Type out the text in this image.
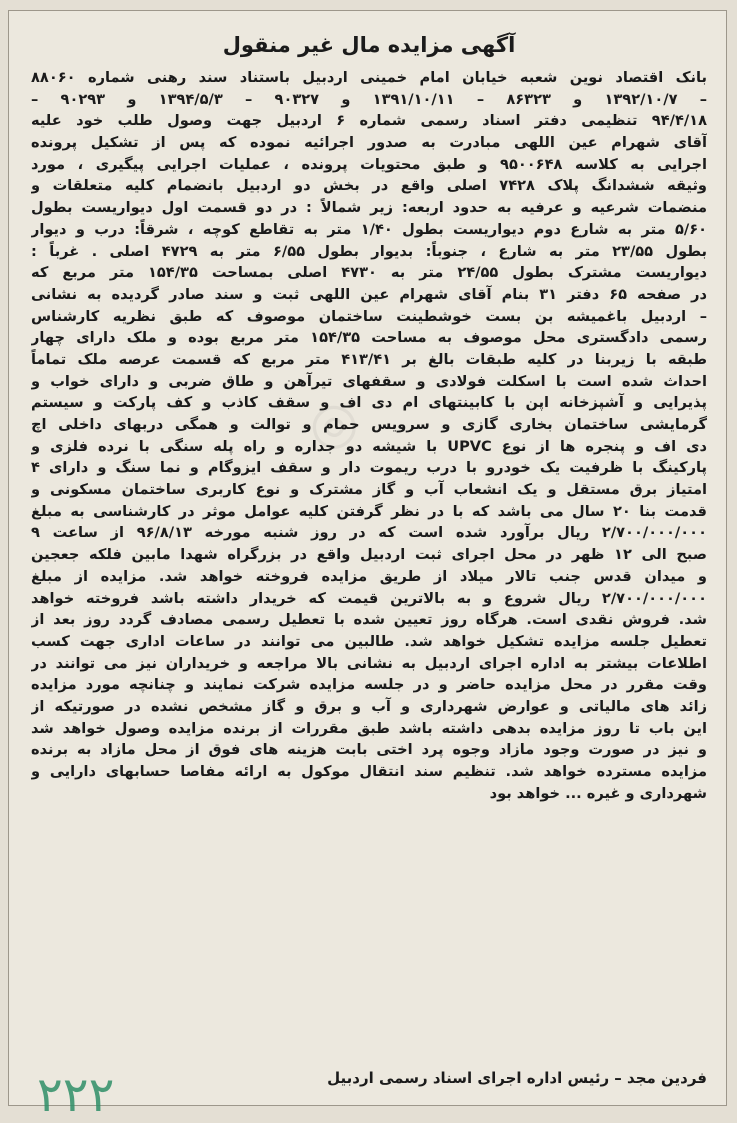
◎
آگهی مزایده مال غیر منقول
بانک اقتصاد نوین شعبه خیابان امام خمینی اردبیل باستناد سند رهنی شماره ۸۸۰۶۰
– ۱۳۹۲/۱۰/۷ و ۸۶۳۲۳ – ۱۳۹۱/۱۰/۱۱ و ۹۰۳۲۷ – ۱۳۹۴/۵/۳ و ۹۰۲۹۳ –
۹۴/۴/۱۸ تنظیمی دفتر اسناد رسمی شماره ۶ اردبیل جهت وصول طلب خود علیه
آقای شهرام عین اللهی مبادرت به صدور اجرائیه نموده که پس از تشکیل پرونده
اجرایی به کلاسه ۹۵۰۰۶۴۸ و طبق محتویات پرونده ، عملیات اجرایی پیگیری ، مورد
وثیقه ششدانگ پلاک ۷۴۲۸ اصلی واقع در بخش دو اردبیل بانضمام کلیه متعلقات و
منضمات شرعیه و عرفیه به حدود اربعه: زیر شمالاً : در دو قسمت اول دیواریست بطول
۵/۶۰ متر به شارع دوم دیواریست بطول ۱/۴۰ متر به تقاطع کوچه ، شرقاً: درب و دیوار
بطول ۲۳/۵۵ متر به شارع ، جنوباً: بدیوار بطول ۶/۵۵ متر به ۴۷۲۹ اصلی . غرباً :
دیواریست مشترک بطول ۲۴/۵۵ متر به ۴۷۳۰ اصلی بمساحت ۱۵۴/۳۵ متر مربع که
در صفحه ۶۵ دفتر ۳۱ بنام آقای شهرام عین اللهی ثبت و سند صادر گردیده به نشانی
– اردبیل باغمیشه بن بست خوشطینت ساختمان موصوف که طبق نظریه کارشناس
رسمی دادگستری محل موصوف به مساحت ۱۵۴/۳۵ متر مربع بوده و ملک دارای چهار
طبقه با زیربنا در کلیه طبقات بالغ بر ۴۱۳/۴۱ متر مربع که قسمت عرصه ملک تماماً
احداث شده است با اسکلت فولادی و سقفهای تیرآهن و طاق ضربی و دارای خواب و
پذیرایی و آشپزخانه اپن با کابینتهای ام دی اف و سقف کاذب و کف پارکت و سیستم
گرمایشی ساختمان بخاری گازی و سرویس حمام و توالت و همگی دربهای داخلی اچ
دی اف و پنجره ها از نوع UPVC با شیشه دو جداره و راه پله سنگی با نرده فلزی و
پارکینگ با ظرفیت یک خودرو با درب ریموت دار و سقف ایزوگام و نما سنگ و دارای ۴
امتیاز برق مستقل و یک انشعاب آب و گاز مشترک و نوع کاربری ساختمان مسکونی و
قدمت بنا ۲۰ سال می باشد که با در نظر گرفتن کلیه عوامل موثر در کارشناسی به مبلغ
۲/۷۰۰/۰۰۰/۰۰۰ ریال برآورد شده است که در روز شنبه مورخه ۹۶/۸/۱۳ از ساعت ۹
صبح الی ۱۲ ظهر در محل اجرای ثبت اردبیل واقع در بزرگراه شهدا مابین فلکه جعجین
و میدان قدس جنب تالار میلاد از طریق مزایده فروخته خواهد شد. مزایده از مبلغ
۲/۷۰۰/۰۰۰/۰۰۰ ریال شروع و به بالاترین قیمت که خریدار داشته باشد فروخته خواهد
شد. فروش نقدی است. هرگاه روز تعیین شده با تعطیل رسمی مصادف گردد روز بعد از
تعطیل جلسه مزایده تشکیل خواهد شد. طالبین می توانند در ساعات اداری جهت کسب
اطلاعات بیشتر به اداره اجرای اردبیل به نشانی بالا مراجعه و خریداران نیز می توانند در
وقت مقرر در محل مزایده حاضر و در جلسه مزایده شرکت نمایند و چنانچه مورد مزایده
زائد های مالیاتی و عوارض شهرداری و آب و برق و گاز مشخص نشده در صورتیکه از
این باب تا روز مزایده بدهی داشته باشد طبق مقررات از برنده مزایده وصول خواهد شد
و نیز در صورت وجود مازاد وجوه پرد اختی بابت هزینه های فوق از محل مازاد به برنده
مزایده مسترده خواهد شد. تنظیم سند انتقال موکول به ارائه مفاصا حسابهای دارایی و
شهرداری و غیره ... خواهد بود
فردین مجد – رئیس اداره اجرای اسناد رسمی اردبیل
۲۲۲
